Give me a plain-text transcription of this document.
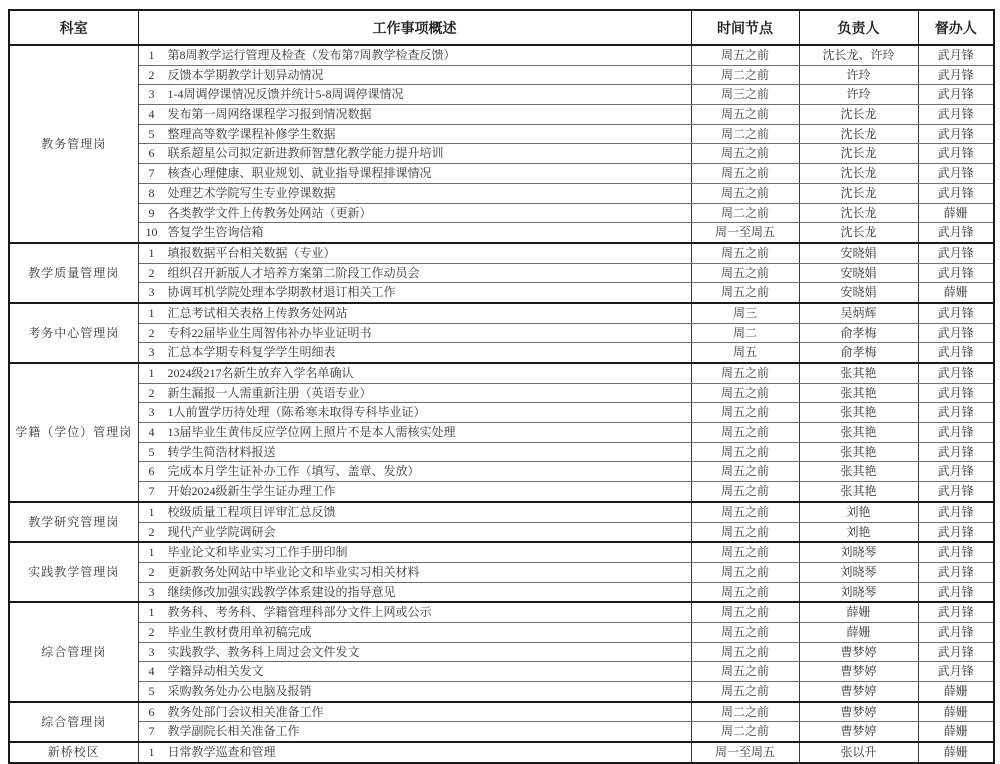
科室	工作事项概述	时间节点	负责人	督办人
教务管理岗	1 第8周教学运行管理及检查（发布第7周教学检查反馈）	周五之前	沈长龙、许玲	武月锋
	2 反馈本学期教学计划异动情况	周二之前	许玲	武月锋
	3 1-4周调停课情况反馈并统计5-8周调停课情况	周三之前	许玲	武月锋
	4 发布第一周网络课程学习报到情况数据	周五之前	沈长龙	武月锋
	5 整理高等数学课程补修学生数据	周二之前	沈长龙	武月锋
	6 联系超星公司拟定新进教师智慧化教学能力提升培训	周五之前	沈长龙	武月锋
	7 核查心理健康、职业规划、就业指导课程排课情况	周五之前	沈长龙	武月锋
	8 处理艺术学院写生专业停课数据	周五之前	沈长龙	武月锋
	9 各类教学文件上传教务处网站（更新）	周二之前	沈长龙	薛姗
	10 答复学生咨询信箱	周一至周五	沈长龙	武月锋
教学质量管理岗	1 填报数据平台相关数据（专业）	周五之前	安晓娟	武月锋
	2 组织召开新版人才培养方案第二阶段工作动员会	周五之前	安晓娟	武月锋
	3 协调耳机学院处理本学期教材退订相关工作	周五之前	安晓娟	薛姗
考务中心管理岗	1 汇总考试相关表格上传教务处网站	周三	吴炳辉	武月锋
	2 专科22届毕业生周智伟补办毕业证明书	周二	俞孝梅	武月锋
	3 汇总本学期专科复学学生明细表	周五	俞孝梅	武月锋
学籍（学位）管理岗	1 2024级217名新生放弃入学名单确认	周五之前	张其艳	武月锋
	2 新生漏报一人需重新注册（英语专业）	周五之前	张其艳	武月锋
	3 1人前置学历待处理（陈希寒未取得专科毕业证）	周五之前	张其艳	武月锋
	4 13届毕业生黄伟反应学位网上照片不是本人需核实处理	周五之前	张其艳	武月锋
	5 转学生简浩材料报送	周五之前	张其艳	武月锋
	6 完成本月学生证补办工作（填写、盖章、发放）	周五之前	张其艳	武月锋
	7 开始2024级新生学生证办理工作	周五之前	张其艳	武月锋
教学研究管理岗	1 校级质量工程项目评审汇总反馈	周五之前	刘艳	武月锋
	2 现代产业学院调研会	周五之前	刘艳	武月锋
实践教学管理岗	1 毕业论文和毕业实习工作手册印制	周五之前	刘晓琴	武月锋
	2 更新教务处网站中毕业论文和毕业实习相关材料	周五之前	刘晓琴	武月锋
	3 继续修改加强实践教学体系建设的指导意见	周五之前	刘晓琴	武月锋
综合管理岗	1 教务科、考务科、学籍管理科部分文件上网或公示	周五之前	薛姗	武月锋
	2 毕业生教材费用单初稿完成	周五之前	薛姗	武月锋
	3 实践教学、教务科上周过会文件发文	周五之前	曹梦婷	武月锋
	4 学籍异动相关发文	周五之前	曹梦婷	武月锋
	5 采购教务处办公电脑及报销	周五之前	曹梦婷	薛姗
综合管理岗	6 教务处部门会议相关准备工作	周二之前	曹梦婷	薛姗
	7 教学副院长相关准备工作	周二之前	曹梦婷	薛姗
新桥校区	1 日常教学巡查和管理	周一至周五	张以升	薛姗
